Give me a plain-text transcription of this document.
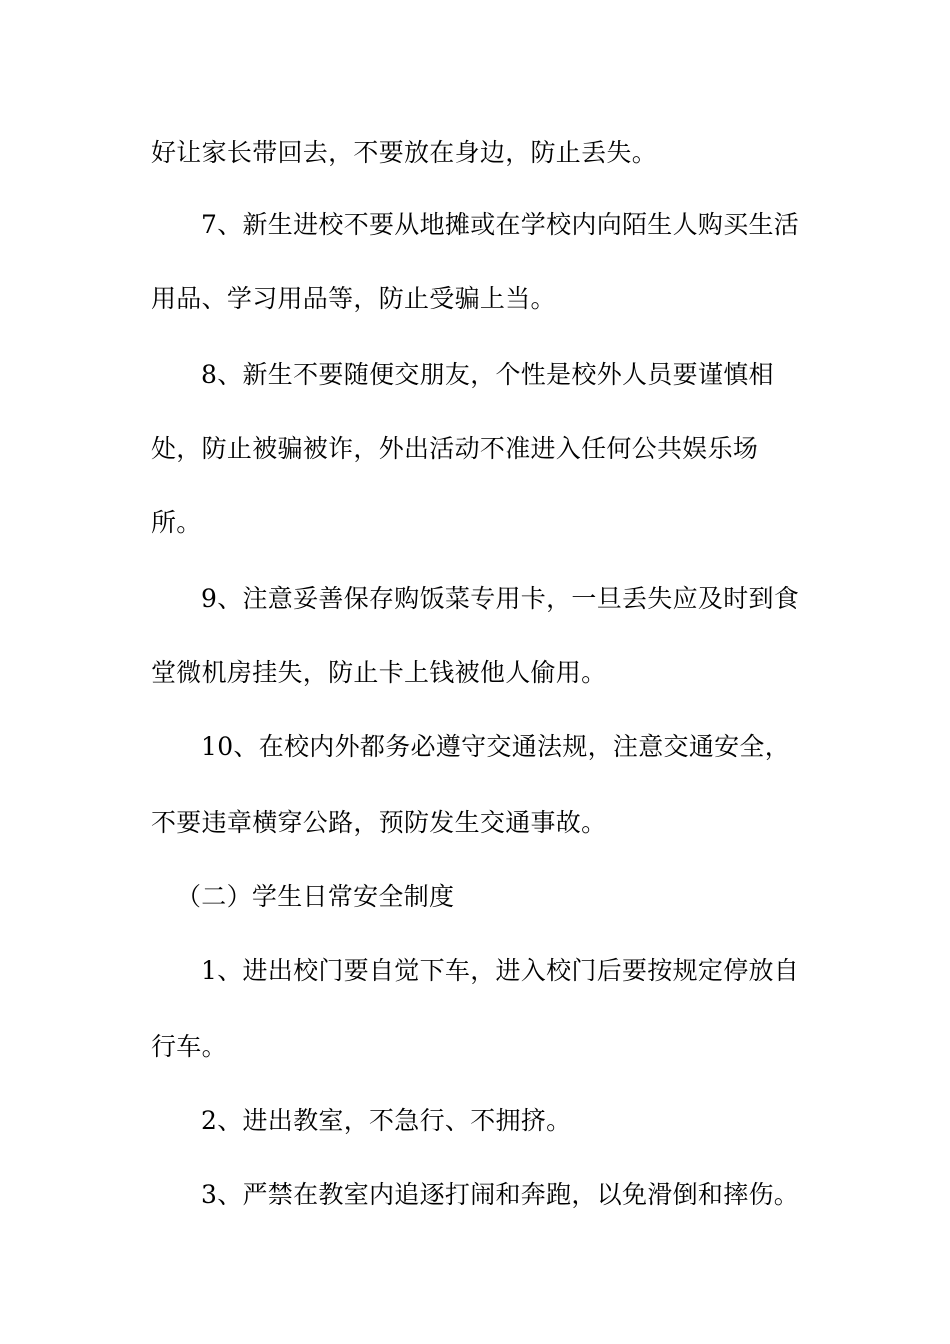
好让家长带回去，不要放在身边，防止丢失。
7、新生进校不要从地摊或在学校内向陌生人购买生活
用品、学习用品等，防止受骗上当。
8、新生不要随便交朋友，个性是校外人员要谨慎相
处，防止被骗被诈，外出活动不准进入任何公共娱乐场
所。
9、注意妥善保存购饭菜专用卡，一旦丢失应及时到食
堂微机房挂失，防止卡上钱被他人偷用。
10、在校内外都务必遵守交通法规，注意交通安全，
不要违章横穿公路，预防发生交通事故。
（二）学生日常安全制度
1、进出校门要自觉下车，进入校门后要按规定停放自
行车。
2、进出教室，不急行、不拥挤。
3、严禁在教室内追逐打闹和奔跑，以免滑倒和摔伤。
